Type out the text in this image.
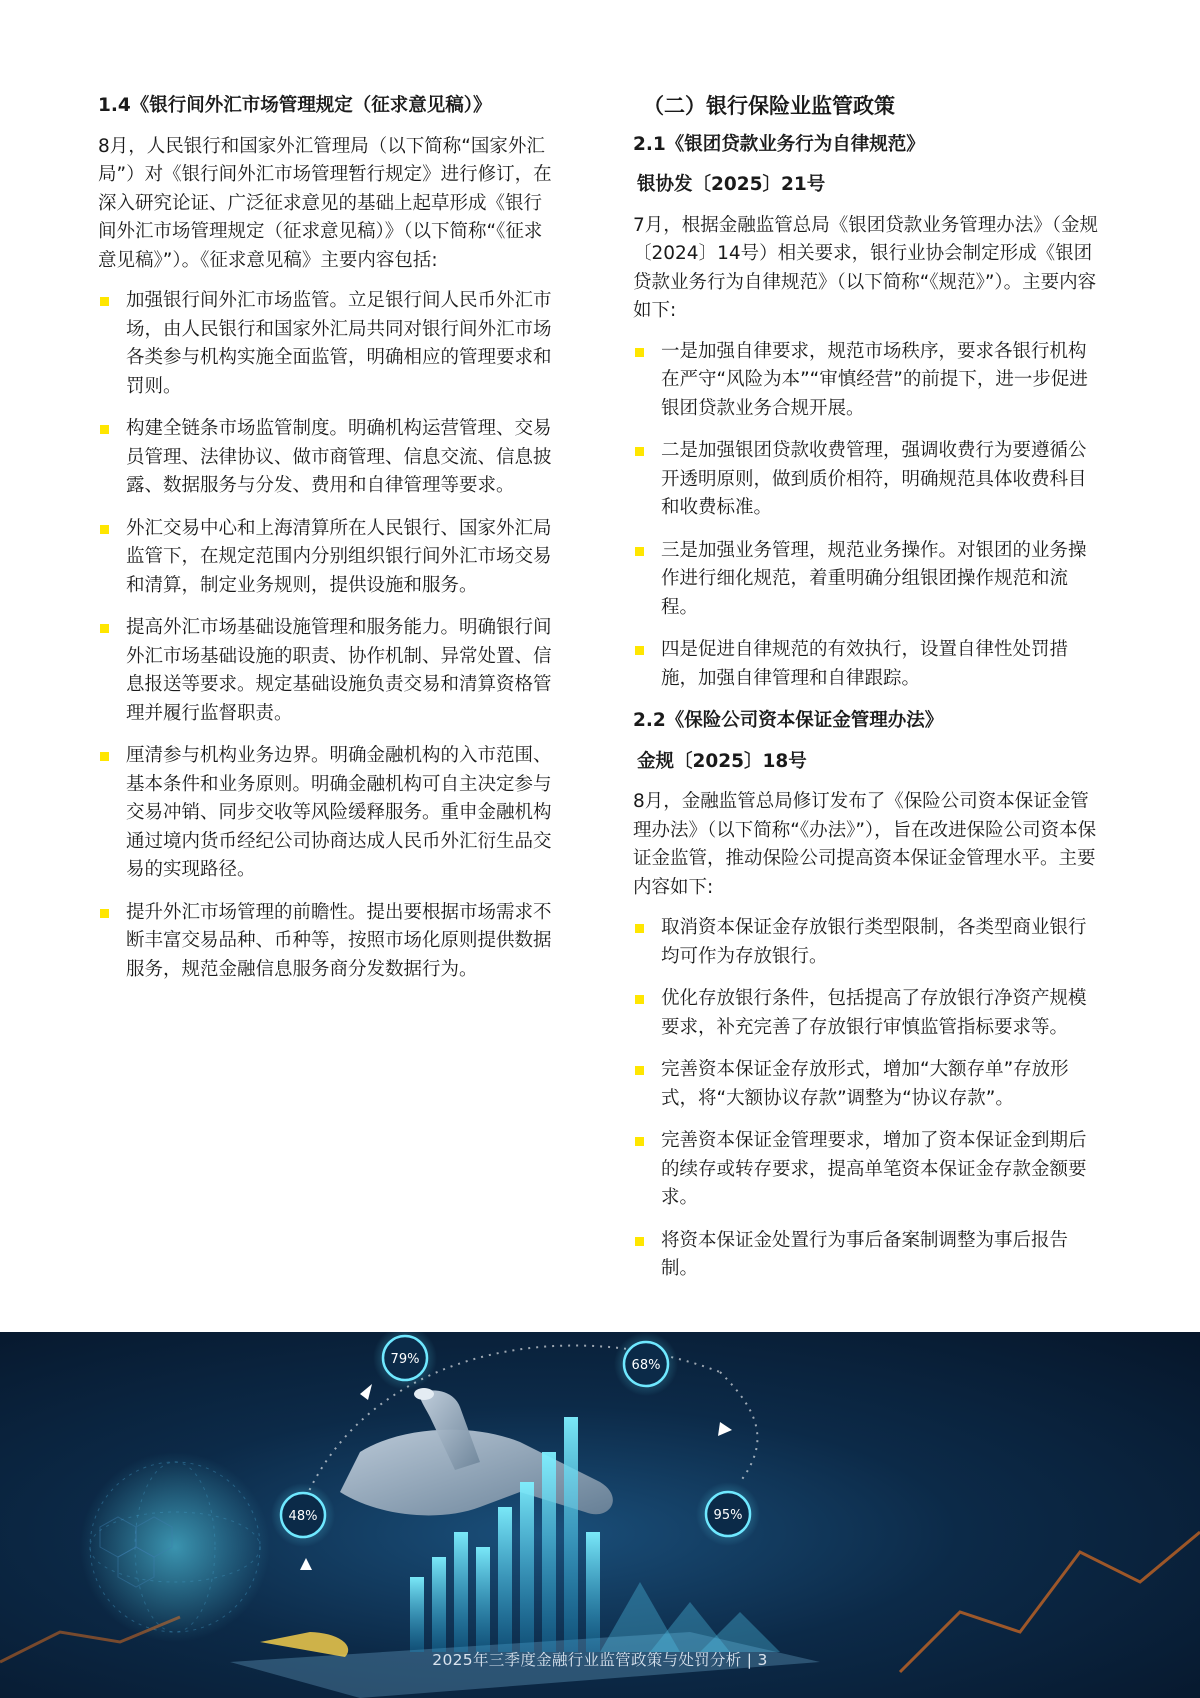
1.4《银行间外汇市场管理规定（征求意见稿）》

8月，人民银行和国家外汇管理局（以下简称“国家外汇局”）对《银行间外汇市场管理暂行规定》进行修订，在深入研究论证、广泛征求意见的基础上起草形成《银行间外汇市场管理规定（征求意见稿）》（以下简称“《征求意见稿》”）。《征求意见稿》主要内容包括:

加强银行间外汇市场监管。立足银行间人民币外汇市场，由人民银行和国家外汇局共同对银行间外汇市场各类参与机构实施全面监管，明确相应的管理要求和罚则。
构建全链条市场监管制度。明确机构运营管理、交易员管理、法律协议、做市商管理、信息交流、信息披露、数据服务与分发、费用和自律管理等要求。
外汇交易中心和上海清算所在人民银行、国家外汇局监管下，在规定范围内分别组织银行间外汇市场交易和清算，制定业务规则，提供设施和服务。
提高外汇市场基础设施管理和服务能力。明确银行间外汇市场基础设施的职责、协作机制、异常处置、信息报送等要求。规定基础设施负责交易和清算资格管理并履行监督职责。
厘清参与机构业务边界。明确金融机构的入市范围、基本条件和业务原则。明确金融机构可自主决定参与交易冲销、同步交收等风险缓释服务。重申金融机构通过境内货币经纪公司协商达成人民币外汇衍生品交易的实现路径。
提升外汇市场管理的前瞻性。提出要根据市场需求不断丰富交易品种、币种等，按照市场化原则提供数据服务，规范金融信息服务商分发数据行为。
（二）银行保险业监管政策
2.1《银团贷款业务行为自律规范》
银协发〔2025〕21号

7月，根据金融监管总局《银团贷款业务管理办法》（金规〔2024〕14号）相关要求，银行业协会制定形成《银团贷款业务行为自律规范》（以下简称“《规范》”）。主要内容如下:

一是加强自律要求，规范市场秩序，要求各银行机构在严守“风险为本”“审慎经营”的前提下，进一步促进银团贷款业务合规开展。
二是加强银团贷款收费管理，强调收费行为要遵循公开透明原则，做到质价相符，明确规范具体收费科目和收费标准。
三是加强业务管理，规范业务操作。对银团的业务操作进行细化规范，着重明确分组银团操作规范和流程。
四是促进自律规范的有效执行，设置自律性处罚措施，加强自律管理和自律跟踪。
2.2《保险公司资本保证金管理办法》
金规〔2025〕18号

8月，金融监管总局修订发布了《保险公司资本保证金管理办法》（以下简称“《办法》”），旨在改进保险公司资本保证金监管，推动保险公司提高资本保证金管理水平。主要内容如下:

取消资本保证金存放银行类型限制，各类型商业银行均可作为存放银行。
优化存放银行条件，包括提高了存放银行净资产规模要求，补充完善了存放银行审慎监管指标要求等。
完善资本保证金存放形式，增加“大额存单”存放形式，将“大额协议存款”调整为“协议存款”。
完善资本保证金管理要求，增加了资本保证金到期后的续存或转存要求，提高单笔资本保证金存款金额要求。
将资本保证金处置行为事后备案制调整为事后报告制。
79%	68%
48%	95%
2025年三季度金融行业监管政策与处罚分析 | 3
